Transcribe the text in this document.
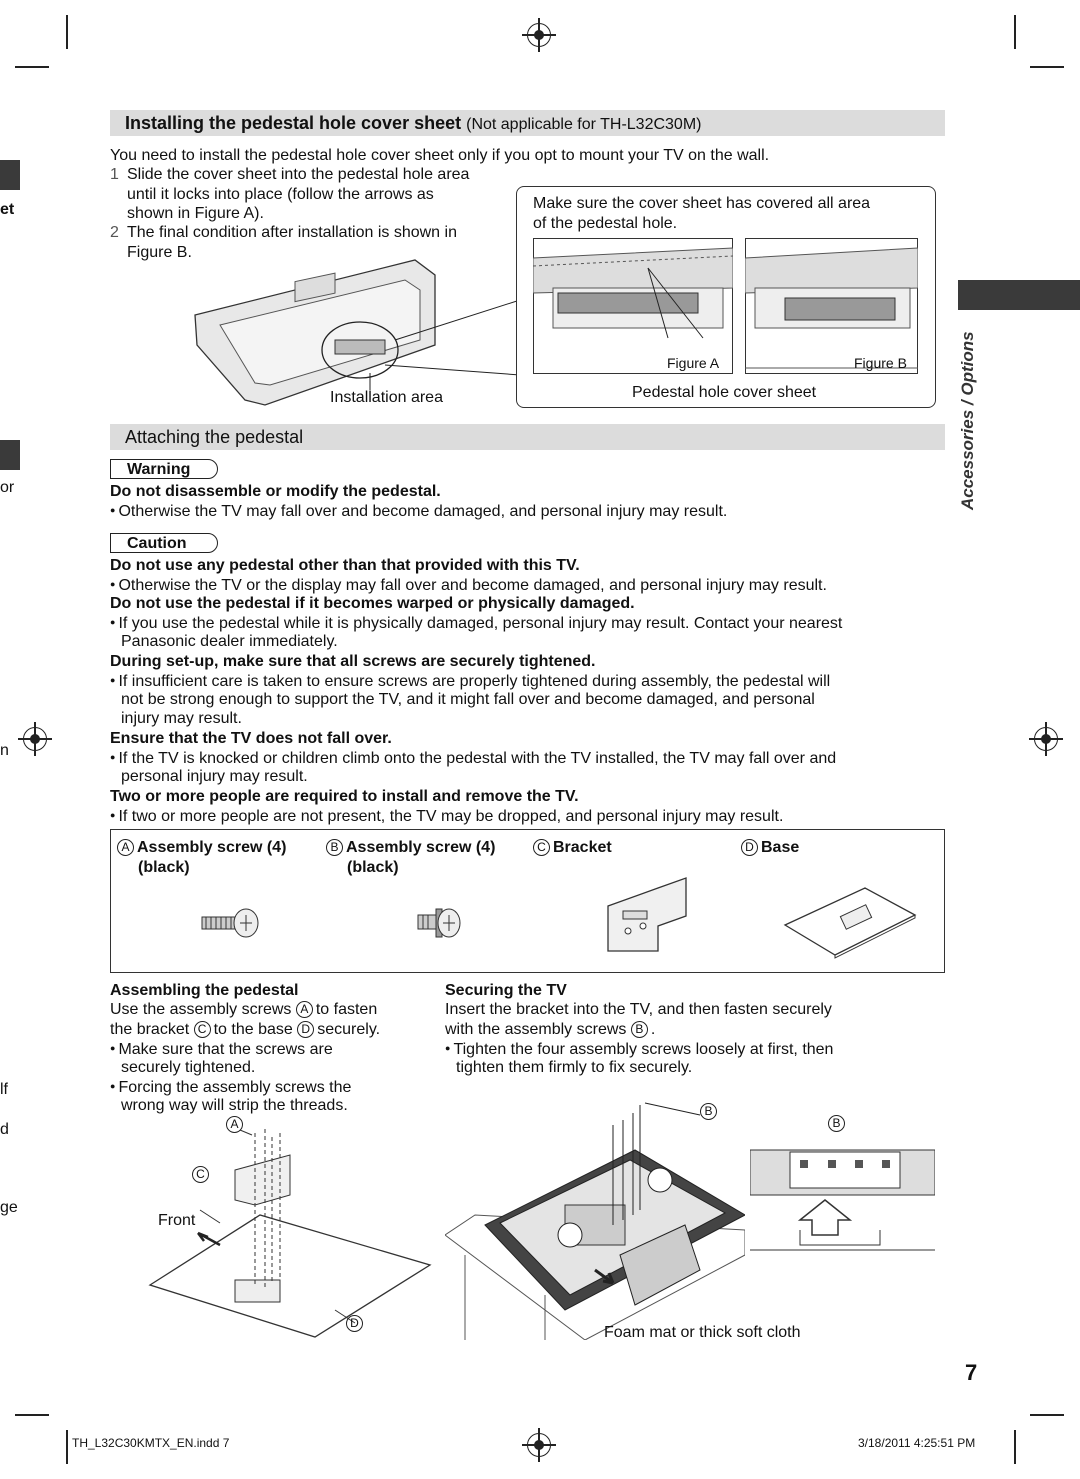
et
or
n
lf
d
ge
Accessories / Options
Installing the pedestal hole cover sheet (Not applicable for TH-L32C30M)
You need to install the pedestal hole cover sheet only if you opt to mount your TV on the wall.
1 Slide the cover sheet into the pedestal hole area
until it locks into place (follow the arrows as
shown in Figure A).
2 The final condition after installation is shown in
Figure B.
Installation area
Make sure the cover sheet has covered all area
of the pedestal hole.
Figure A	Figure B
Pedestal hole cover sheet
Attaching the pedestal
Warning
Do not disassemble or modify the pedestal.
● Otherwise the TV may fall over and become damaged, and personal injury may result.
Caution
Do not use any pedestal other than that provided with this TV.
● Otherwise the TV or the display may fall over and become damaged, and personal injury may result.
Do not use the pedestal if it becomes warped or physically damaged.
● If you use the pedestal while it is physically damaged, personal injury may result. Contact your nearest
Panasonic dealer immediately.
During set-up, make sure that all screws are securely tightened.
● If insufficient care is taken to ensure screws are properly tightened during assembly, the pedestal will
not be strong enough to support the TV, and it might fall over and become damaged, and personal
injury may result.
Ensure that the TV does not fall over.
● If the TV is knocked or children climb onto the pedestal with the TV installed, the TV may fall over and
personal injury may result.
Two or more people are required to install and remove the TV.
● If two or more people are not present, the TV may be dropped, and personal injury may result.
A Assembly screw (4)
(black)
B Assembly screw (4)
(black)
C Bracket	D Base
Assembling the pedestal
Use the assembly screws A to fasten
the bracket C to the base D securely.
● Make sure that the screws are
securely tightened.
● Forcing the assembly screws the
wrong way will strip the threads.
A
C
D
Front
Securing the TV
Insert the bracket into the TV, and then fasten securely
with the assembly screws B .
● Tighten the four assembly screws loosely at first, then
tighten them firmly to fix securely.
B
B
Foam mat or thick soft cloth
7
TH_L32C30KMTX_EN.indd 7	3/18/2011 4:25:51 PM
